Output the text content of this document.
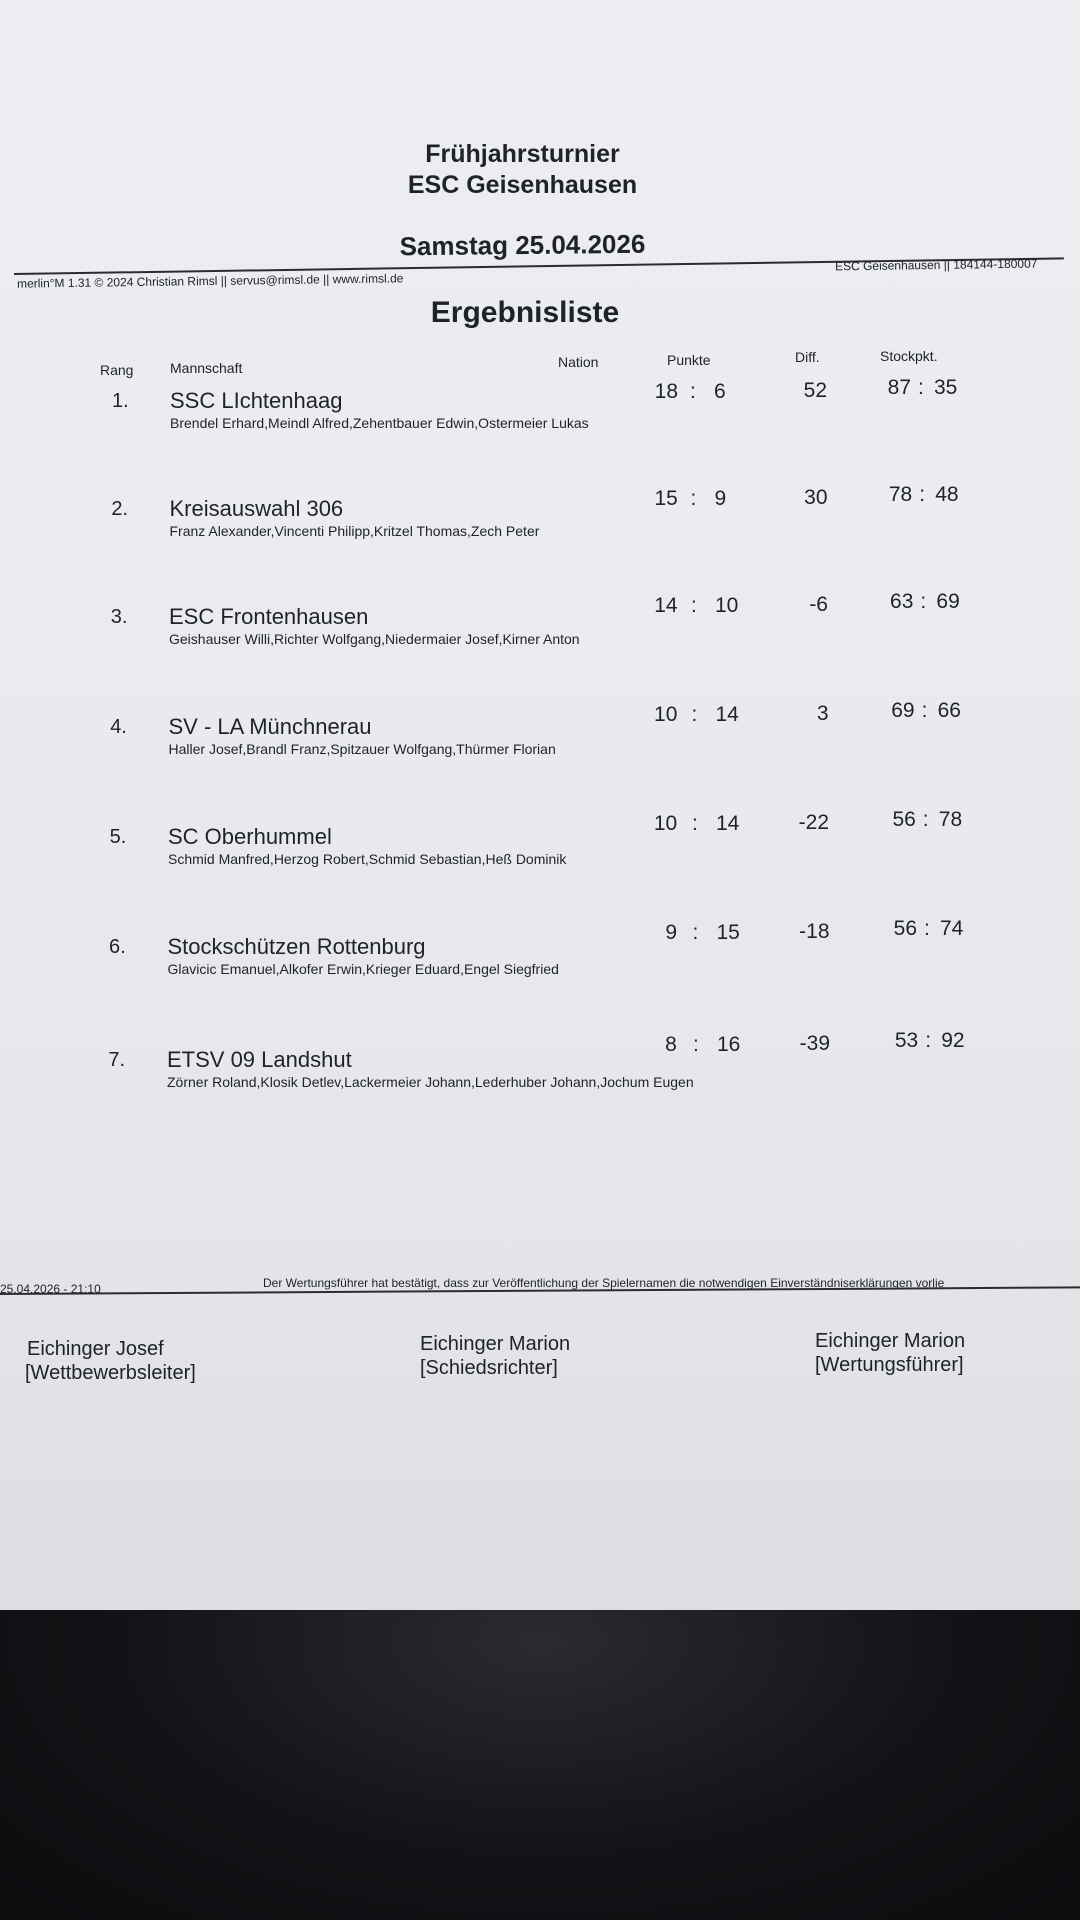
Frühjahrsturnier
ESC Geisenhausen
Samstag 25.04.2026
merlin°M 1.31 © 2024 Christian Rimsl || servus@rimsl.de || www.rimsl.de
ESC Geisenhausen || 184144-180007
Ergebnisliste
Rang	Mannschaft	Nation	Punkte	Diff.	Stockpkt.
1. SSC LIchtenhaag
Brendel Erhard,Meindl Alfred,Zehentbauer Edwin,Ostermeier Lukas
18 : 6	52	87 : 35
2. Kreisauswahl 306
Franz Alexander,Vincenti Philipp,Kritzel Thomas,Zech Peter
15 : 9	30	78 : 48
3. ESC Frontenhausen
Geishauser Willi,Richter Wolfgang,Niedermaier Josef,Kirner Anton
14 : 10	-6	63 : 69
4. SV - LA Münchnerau
Haller Josef,Brandl Franz,Spitzauer Wolfgang,Thürmer Florian
10 : 14	3	69 : 66
5. SC Oberhummel
Schmid Manfred,Herzog Robert,Schmid Sebastian,Heß Dominik
10 : 14	-22	56 : 78
6. Stockschützen Rottenburg
Glavicic Emanuel,Alkofer Erwin,Krieger Eduard,Engel Siegfried
9 : 15	-18	56 : 74
7. ETSV 09 Landshut
Zörner Roland,Klosik Detlev,Lackermeier Johann,Lederhuber Johann,Jochum Eugen
8 : 16	-39	53 : 92
25.04.2026 - 21:10	Der Wertungsführer hat bestätigt, dass zur Veröffentlichung der Spielernamen die notwendigen Einverständniserklärungen vorlie
Eichinger Josef
[Wettbewerbsleiter]
Eichinger Marion
[Schiedsrichter]
Eichinger Marion
[Wertungsführer]
